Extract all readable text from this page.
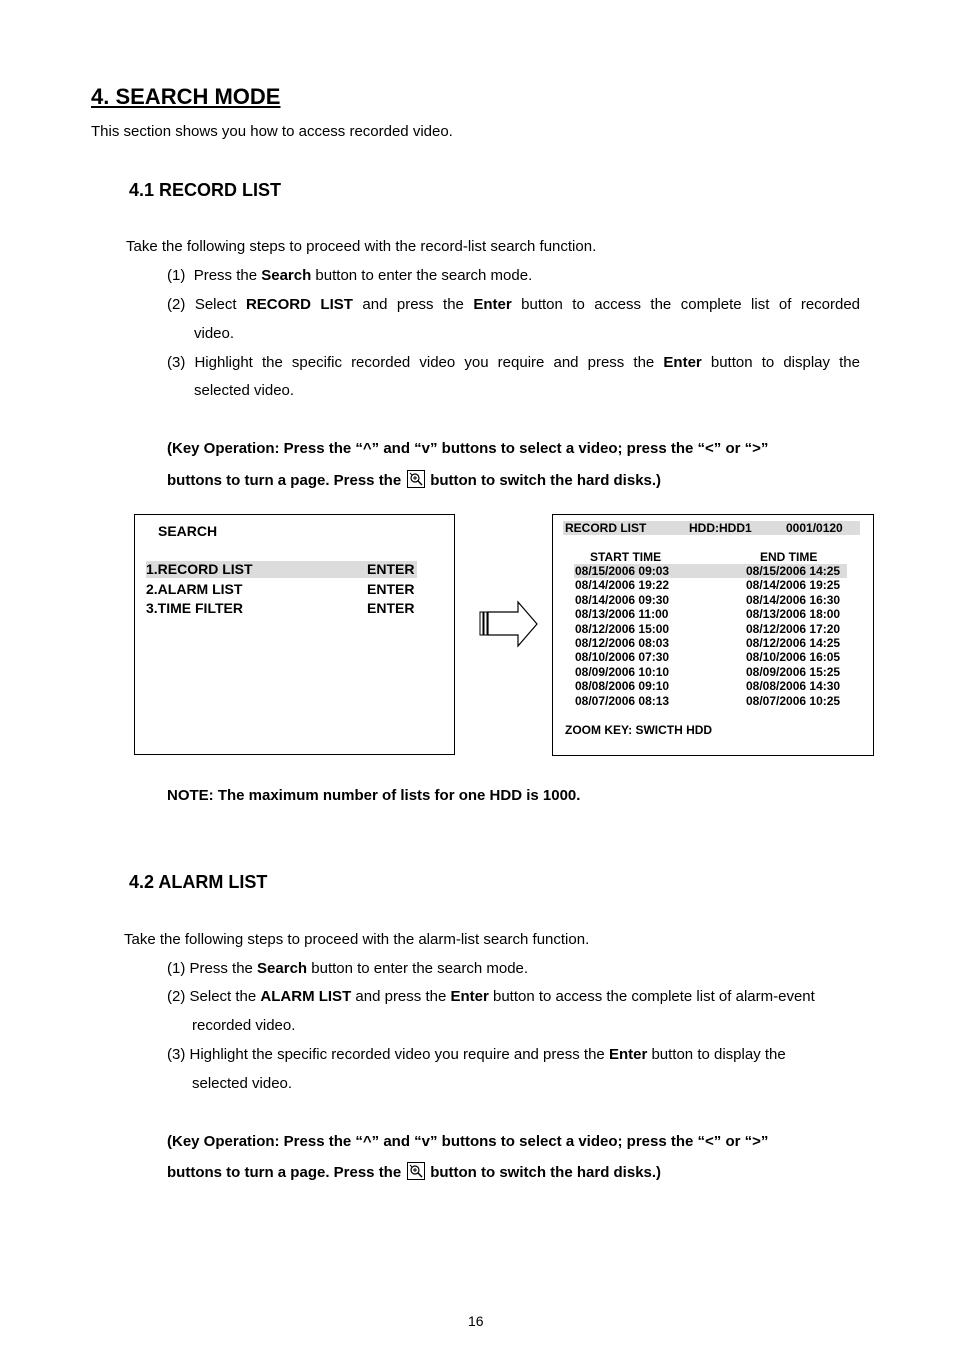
4. SEARCH MODE
This section shows you how to access recorded video.
4.1 RECORD LIST
Take the following steps to proceed with the record-list search function.
(1) Press the Search button to enter the search mode.
(2) Select RECORD LIST and press the Enter button to access the complete list of recorded
video.
(3) Highlight the specific recorded video you require and press the Enter button to display the
selected video.
(Key Operation: Press the “^” and “v” buttons to select a video; press the “<” or “>”
buttons to turn a page. Press the button to switch the hard disks.)
SEARCH
1.RECORD LIST	ENTER
2.ALARM LIST	ENTER
3.TIME FILTER	ENTER
RECORD LIST	HDD:HDD1	0001/0120
START TIME	END TIME
08/15/2006 09:03	08/15/2006 14:25
08/14/2006 19:22	08/14/2006 19:25
08/14/2006 09:30	08/14/2006 16:30
08/13/2006 11:00	08/13/2006 18:00
08/12/2006 15:00	08/12/2006 17:20
08/12/2006 08:03	08/12/2006 14:25
08/10/2006 07:30	08/10/2006 16:05
08/09/2006 10:10	08/09/2006 15:25
08/08/2006 09:10	08/08/2006 14:30
08/07/2006 08:13	08/07/2006 10:25
ZOOM KEY: SWICTH HDD
NOTE: The maximum number of lists for one HDD is 1000.
4.2 ALARM LIST
Take the following steps to proceed with the alarm-list search function.
(1) Press the Search button to enter the search mode.
(2) Select the ALARM LIST and press the Enter button to access the complete list of alarm-event
recorded video.
(3) Highlight the specific recorded video you require and press the Enter button to display the
selected video.
(Key Operation: Press the “^” and “v” buttons to select a video; press the “<” or “>”
buttons to turn a page. Press the button to switch the hard disks.)
16
